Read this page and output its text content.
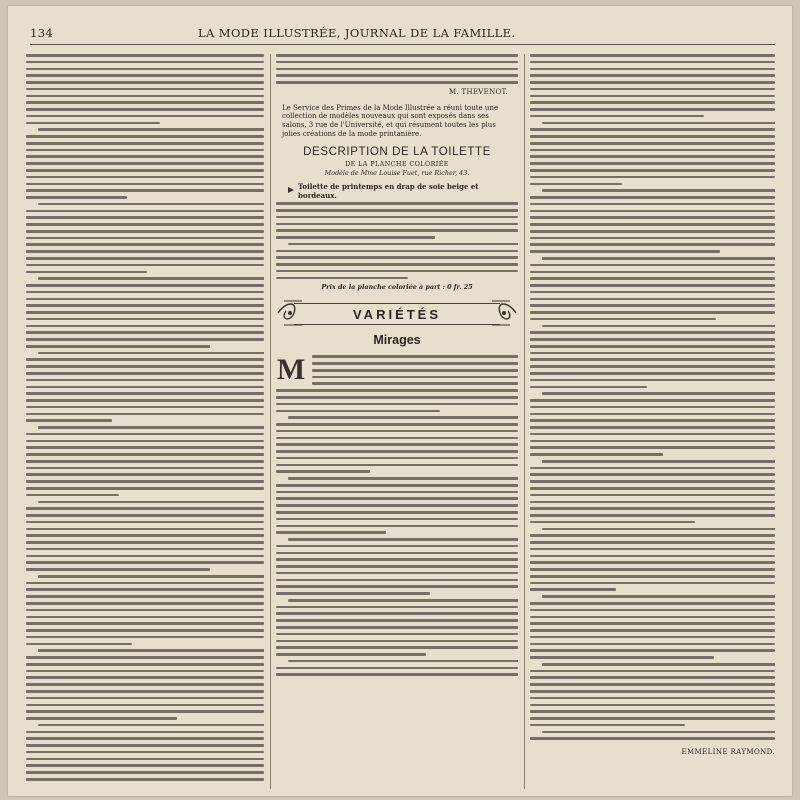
134	LA MODE ILLUSTRÉE, JOURNAL DE LA FAMILLE.
M. THEVENOT.
Le Service des Primes de la Mode Illustrée a réuni toute une collection de modèles nouveaux qui sont exposés dans ses salons, 3 rue de l'Université, et qui résument toutes les plus jolies créations de la mode printanière.
DESCRIPTION DE LA TOILETTE
DE LA PLANCHE COLORIÉE
Modèle de Mme Louise Fuet, rue Richer, 43.
Toilette de printemps en drap de soie beige et bordeaux.
Prix de la planche coloriée à part : 0 fr. 25
VARIÉTÉS
Mirages
M
EMMELINE RAYMOND.
